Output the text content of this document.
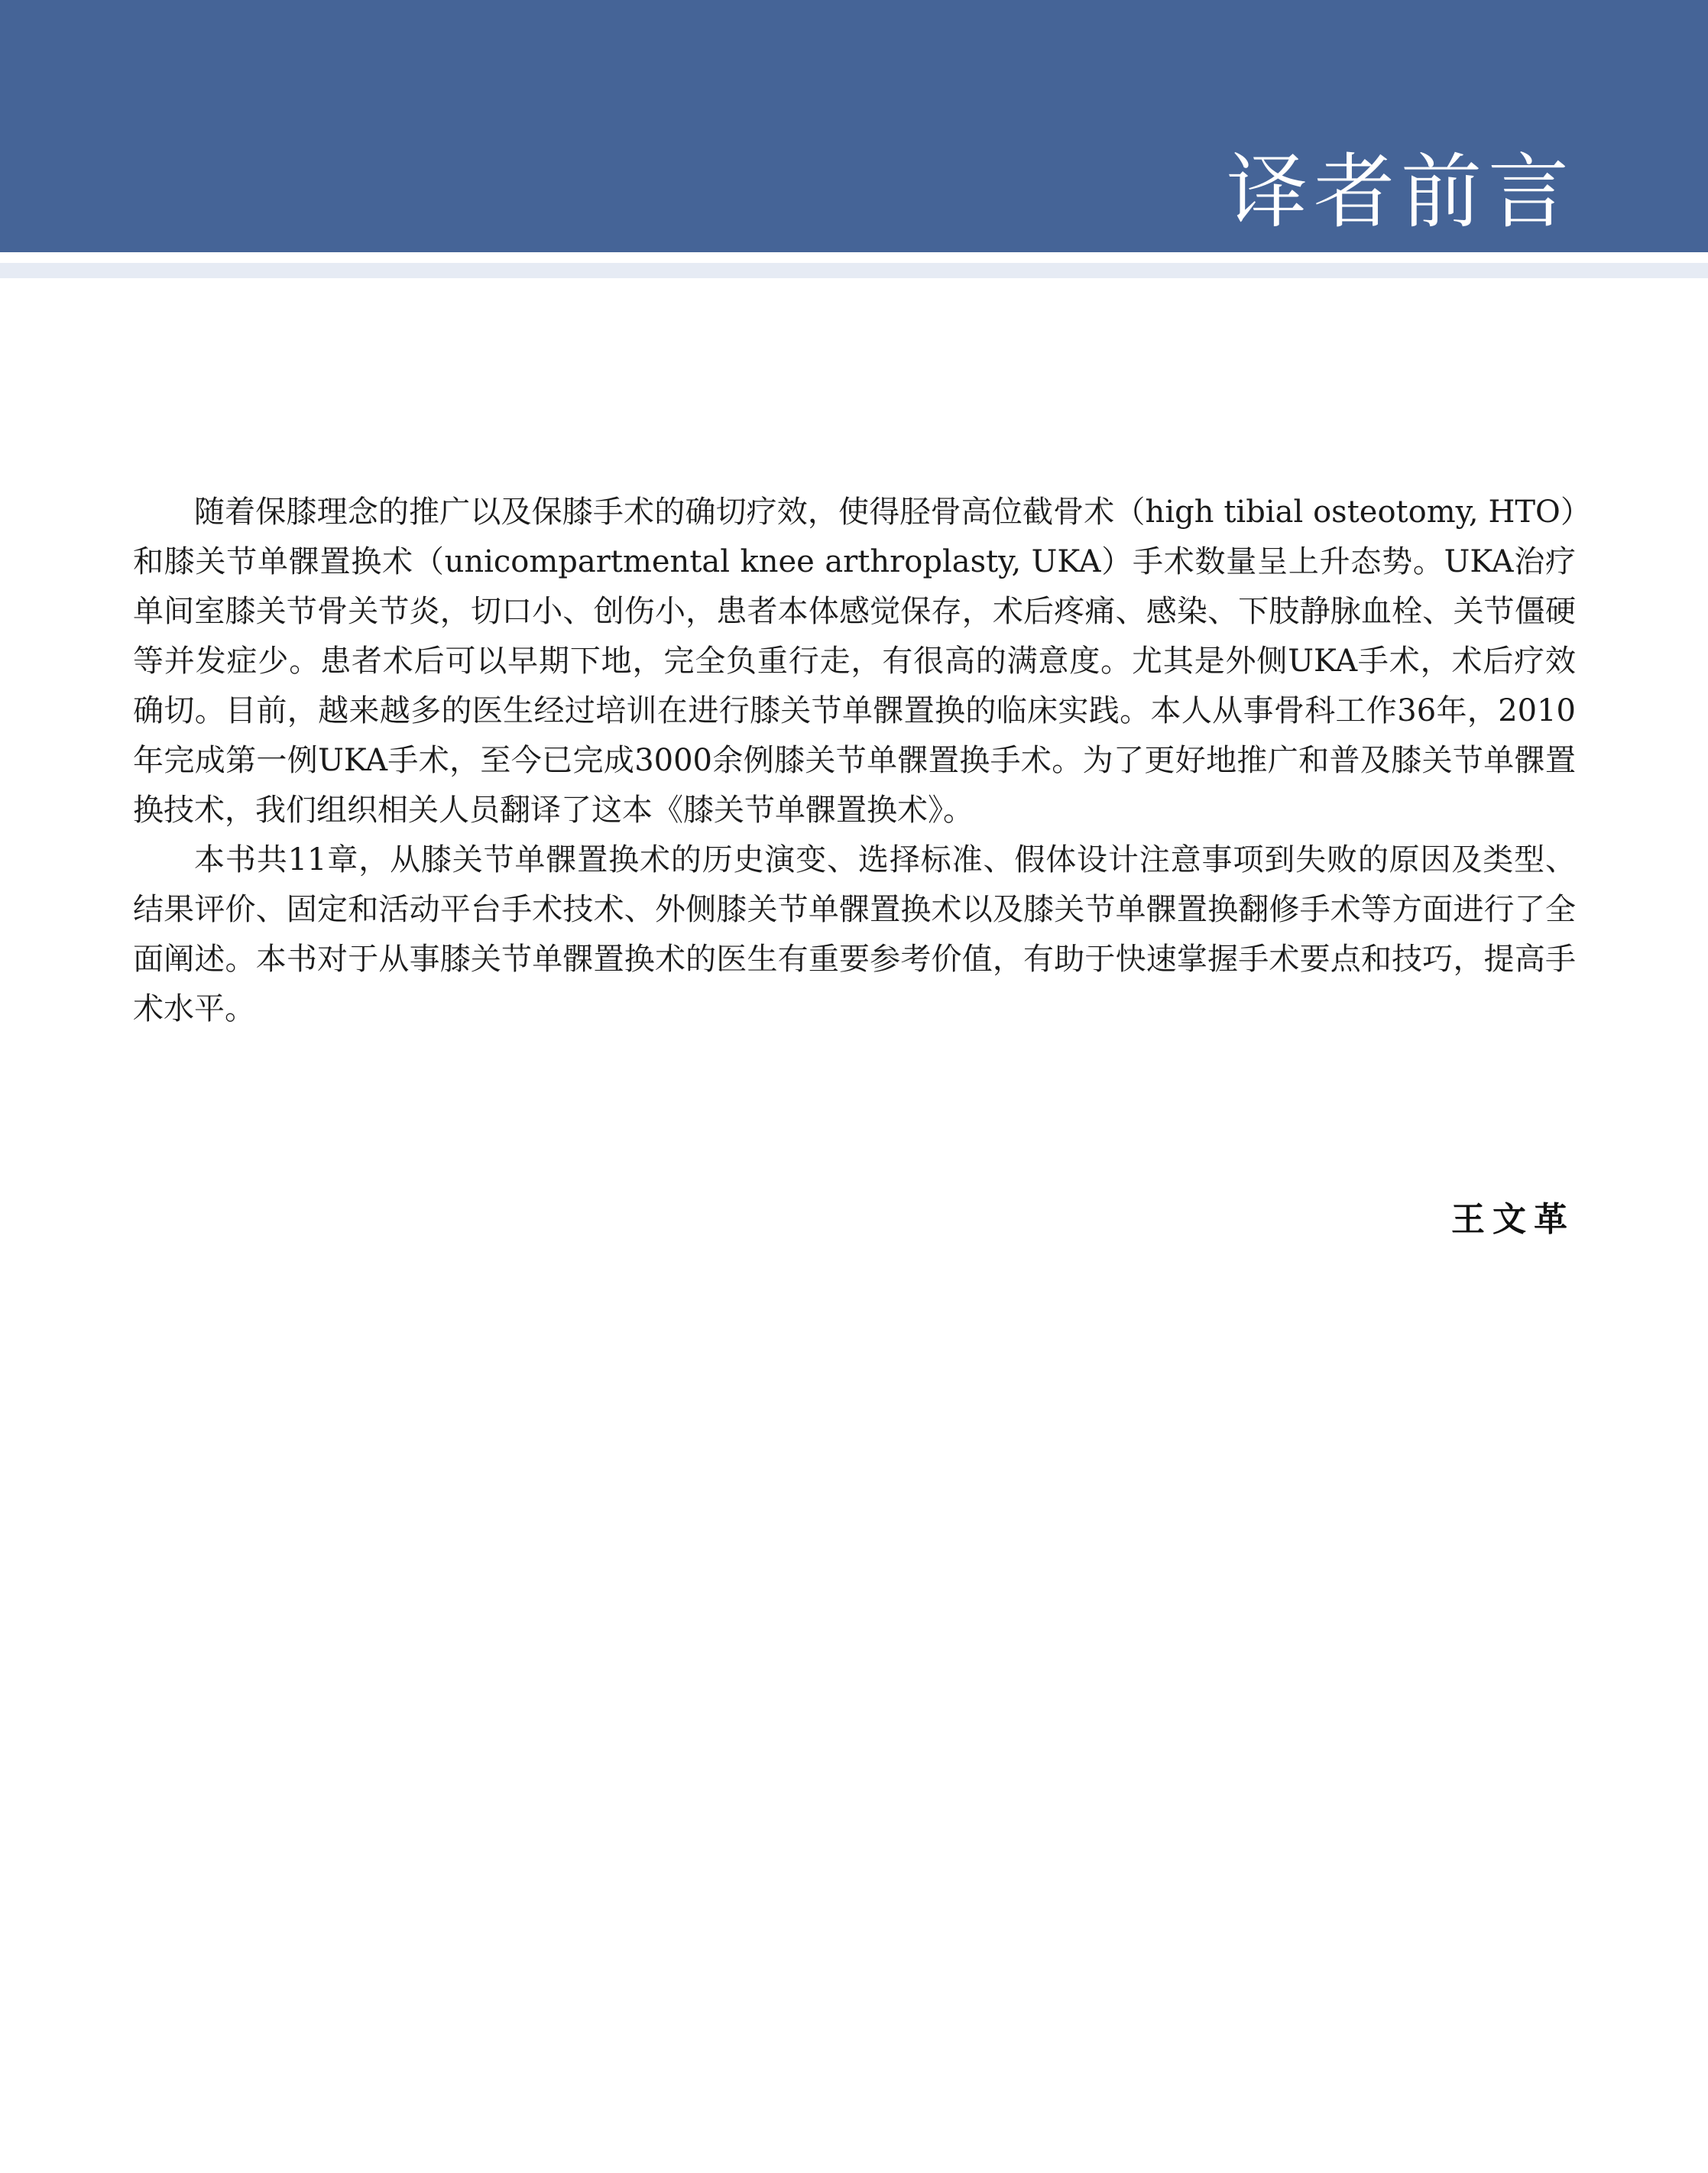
译者前言

随着保膝理念的推广以及保膝手术的确切疗效，使得胫骨高位截骨术（high tibial osteotomy, HTO）和膝关节单髁置换术（unicompartmental knee arthroplasty, UKA）手术数量呈上升态势。UKA治疗单间室膝关节骨关节炎，切口小、创伤小，患者本体感觉保存，术后疼痛、感染、下肢静脉血栓、关节僵硬等并发症少。患者术后可以早期下地，完全负重行走，有很高的满意度。尤其是外侧UKA手术，术后疗效确切。目前，越来越多的医生经过培训在进行膝关节单髁置换的临床实践。本人从事骨科工作36年，2010年完成第一例UKA手术，至今已完成3000余例膝关节单髁置换手术。为了更好地推广和普及膝关节单髁置换技术，我们组织相关人员翻译了这本《膝关节单髁置换术》。

本书共11章，从膝关节单髁置换术的历史演变、选择标准、假体设计注意事项到失败的原因及类型、结果评价、固定和活动平台手术技术、外侧膝关节单髁置换术以及膝关节单髁置换翻修手术等方面进行了全面阐述。本书对于从事膝关节单髁置换术的医生有重要参考价值，有助于快速掌握手术要点和技巧，提高手术水平。

王文革
